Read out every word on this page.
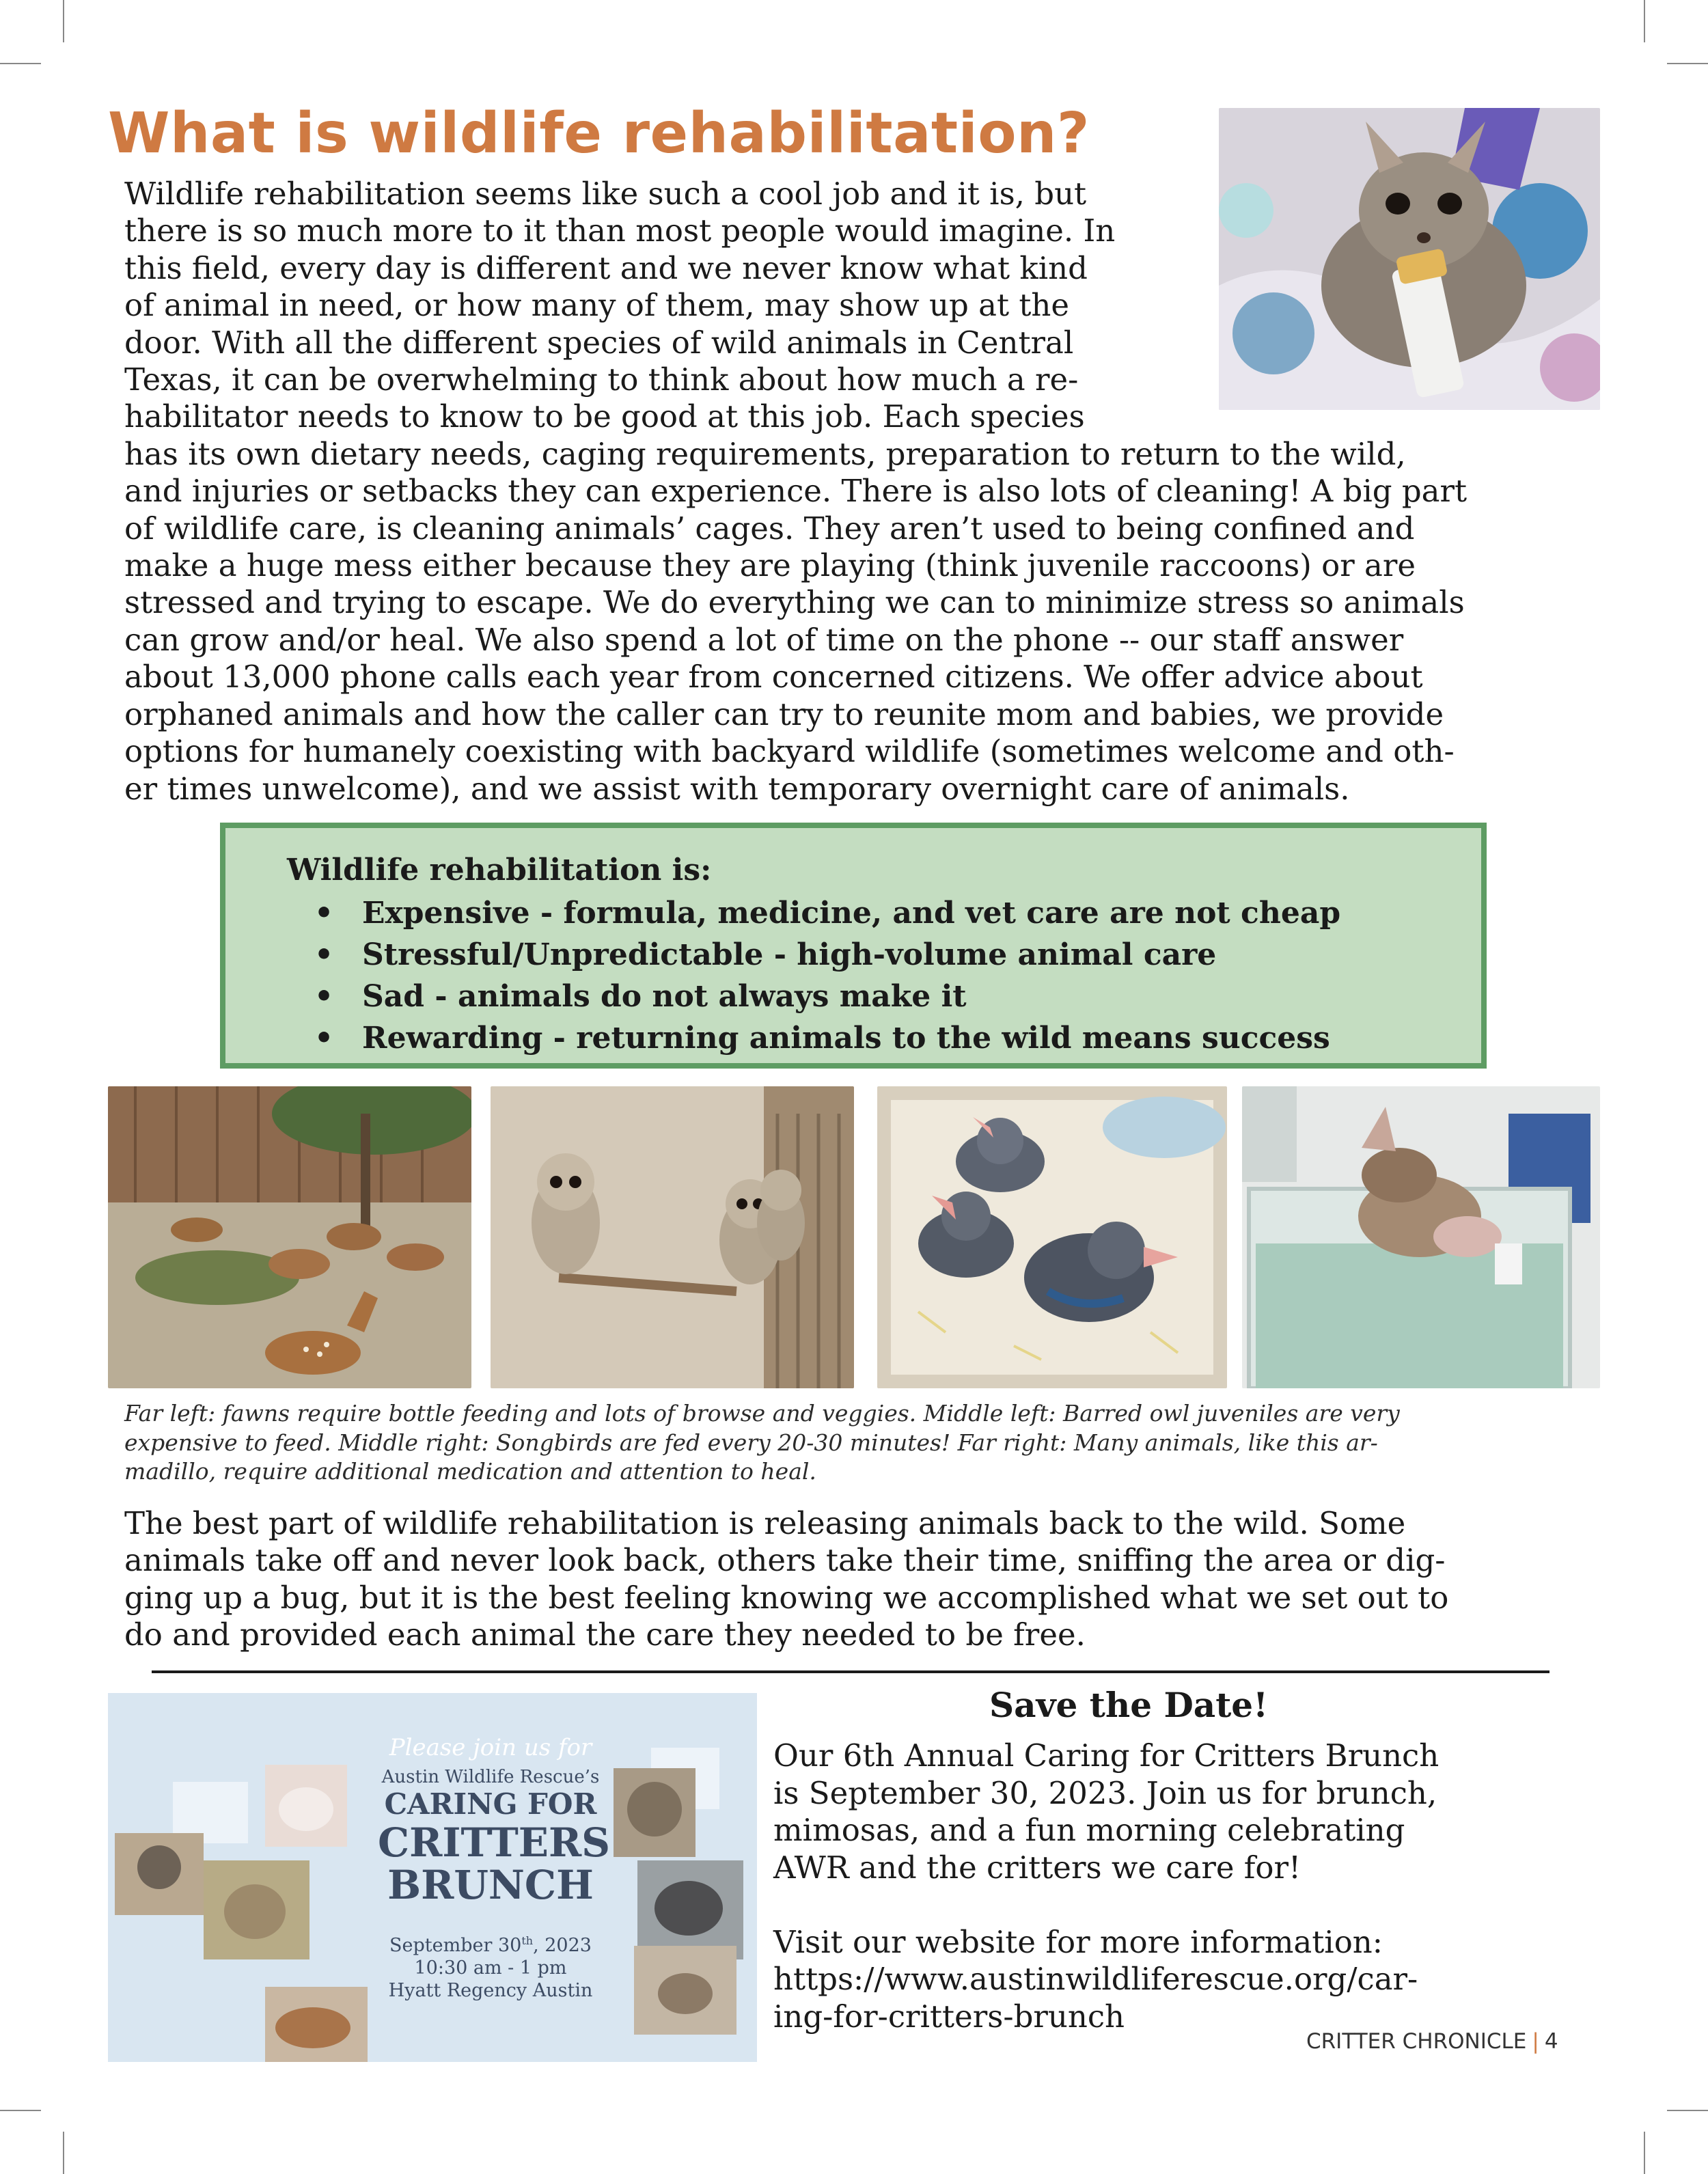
What is wildlife rehabilitation?

Wildlife rehabilitation seems like such a cool job and it is, but
there is so much more to it than most people would imagine. In
this field, every day is different and we never know what kind
of animal in need, or how many of them, may show up at the
door. With all the different species of wild animals in Central
Texas, it can be overwhelming to think about how much a re-
habilitator needs to know to be good at this job. Each species
has its own dietary needs, caging requirements, preparation to return to the wild,
and injuries or setbacks they can experience. There is also lots of cleaning! A big part
of wildlife care, is cleaning animals’ cages. They aren’t used to being confined and
make a huge mess either because they are playing (think juvenile raccoons) or are
stressed and trying to escape. We do everything we can to minimize stress so animals
can grow and/or heal. We also spend a lot of time on the phone -- our staff answer
about 13,000 phone calls each year from concerned citizens. We offer advice about
orphaned animals and how the caller can try to reunite mom and babies, we provide
options for humanely coexisting with backyard wildlife (sometimes welcome and oth-
er times unwelcome), and we assist with temporary overnight care of animals.

Wildlife rehabilitation is:

• Expensive - formula, medicine, and vet care are not cheap
• Stressful/Unpredictable - high-volume animal care
• Sad - animals do not always make it
• Rewarding - returning animals to the wild means success

Far left: fawns require bottle feeding and lots of browse and veggies. Middle left: Barred owl juveniles are very
expensive to feed. Middle right: Songbirds are fed every 20-30 minutes! Far right: Many animals, like this ar-
madillo, require additional medication and attention to heal.

The best part of wildlife rehabilitation is releasing animals back to the wild. Some
animals take off and never look back, others take their time, sniffing the area or dig-
ging up a bug, but it is the best feeling knowing we accomplished what we set out to
do and provided each animal the care they needed to be free.

Please join us for

Austin Wildlife Rescue’s

CARING FOR

CRITTERS

BRUNCH

September 30th, 2023

10:30 am - 1 pm

Hyatt Regency Austin

Save the Date!

Our 6th Annual Caring for Critters Brunch
is September 30, 2023. Join us for brunch,
mimosas, and a fun morning celebrating
AWR and the critters we care for!

Visit our website for more information:
https://www.austinwildliferescue.org/car-
ing-for-critters-brunch

CRITTER CHRONICLE | 4
